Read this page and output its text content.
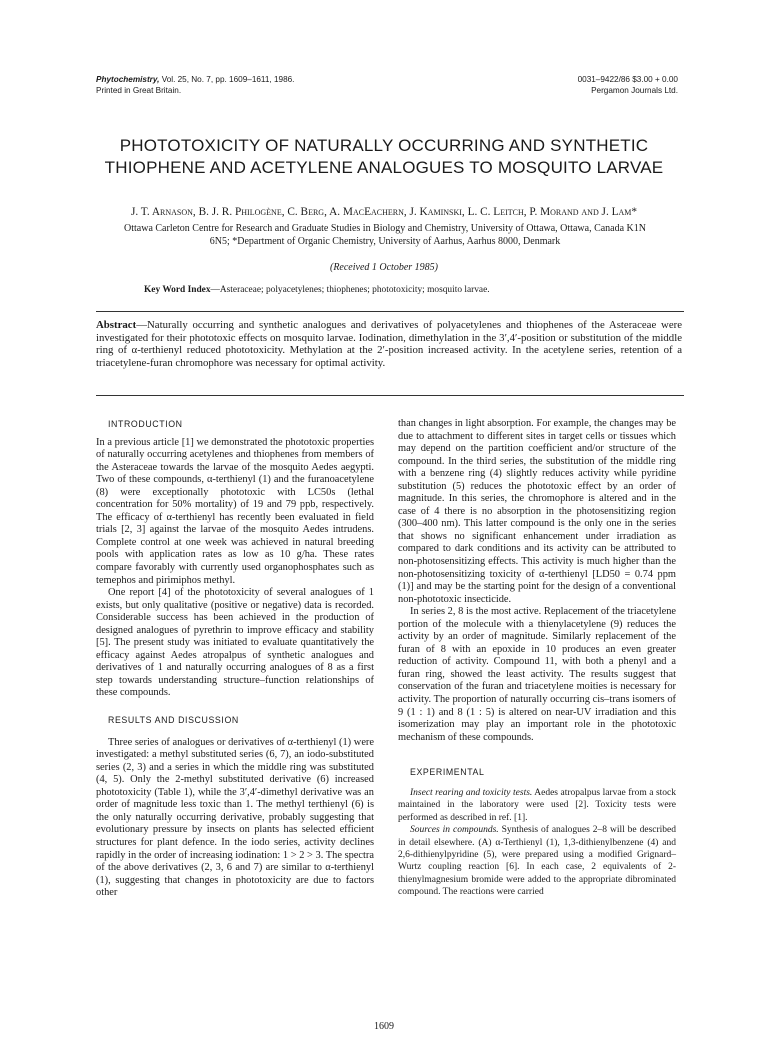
Phytochemistry, Vol. 25, No. 7, pp. 1609–1611, 1986.
Printed in Great Britain.
0031–9422/86 $3.00 + 0.00
Pergamon Journals Ltd.
PHOTOTOXICITY OF NATURALLY OCCURRING AND SYNTHETIC
THIOPHENE AND ACETYLENE ANALOGUES TO MOSQUITO LARVAE
J. T. Arnason, B. J. R. Philogène, C. Berg, A. MacEachern, J. Kaminski, L. C. Leitch, P. Morand and J. Lam*
Ottawa Carleton Centre for Research and Graduate Studies in Biology and Chemistry, University of Ottawa, Ottawa, Canada K1N
6N5; *Department of Organic Chemistry, University of Aarhus, Aarhus 8000, Denmark
(Received 1 October 1985)
Key Word Index—Asteraceae; polyacetylenes; thiophenes; phototoxicity; mosquito larvae.

Abstract—Naturally occurring and synthetic analogues and derivatives of polyacetylenes and thiophenes of the Asteraceae were investigated for their phototoxic effects on mosquito larvae. Iodination, dimethylation in the 3′,4′-position or substitution of the middle ring of α-terthienyl reduced phototoxicity. Methylation at the 2′-position increased activity. In the acetylene series, retention of a triacetylene-furan chromophore was necessary for optimal activity.

INTRODUCTION

In a previous article [1] we demonstrated the phototoxic properties of naturally occurring acetylenes and thiophenes from members of the Asteraceae towards the larvae of the mosquito Aedes aegypti. Two of these compounds, α-terthienyl (1) and the furanoacetylene (8) were exceptionally phototoxic with LC50s (lethal concentration for 50% mortality) of 19 and 79 ppb, respectively. The efficacy of α-terthienyl has recently been evaluated in field trials [2, 3] against the larvae of the mosquito Aedes intrudens. Complete control at one week was achieved in natural breeding pools with application rates as low as 10 g/ha. These rates compare favorably with currently used organophosphates such as temephos and pirimiphos methyl.

One report [4] of the phototoxicity of several analogues of 1 exists, but only qualitative (positive or negative) data is recorded. Considerable success has been achieved in the production of designed analogues of pyrethrin to improve efficacy and stability [5]. The present study was initiated to evaluate quantitatively the efficacy against Aedes atropalpus of synthetic analogues and derivatives of 1 and naturally occurring analogues of 8 as a first step towards understanding structure–function relationships of these compounds.

RESULTS AND DISCUSSION

Three series of analogues or derivatives of α-terthienyl (1) were investigated: a methyl substituted series (6, 7), an iodo-substituted series (2, 3) and a series in which the middle ring was substituted (4, 5). Only the 2-methyl substituted derivative (6) increased phototoxicity (Table 1), while the 3′,4′-dimethyl derivative was an order of magnitude less toxic than 1. The methyl terthienyl (6) is the only naturally occurring derivative, probably suggesting that evolutionary pressure by insects on plants has selected efficient structures for plant defence. In the iodo series, activity declines rapidly in the order of increasing iodination: 1 > 2 > 3. The spectra of the above derivatives (2, 3, 6 and 7) are similar to α-terthienyl (1), suggesting that changes in phototoxicity are due to factors other

than changes in light absorption. For example, the changes may be due to attachment to different sites in target cells or tissues which may depend on the partition coefficient and/or structure of the compound. In the third series, the substitution of the middle ring with a benzene ring (4) slightly reduces activity while pyridine substitution (5) reduces the phototoxic effect by an order of magnitude. In this series, the chromophore is altered and in the case of 4 there is no absorption in the photosensitizing region (300–400 nm). This latter compound is the only one in the series that shows no significant enhancement under irradiation as compared to dark conditions and its activity can be attributed to non-photosensitizing effects. This activity is much higher than the non-photosensitizing toxicity of α-terthienyl [LD50 = 0.74 ppm (1)] and may be the starting point for the design of a conventional non-phototoxic insecticide.

In series 2, 8 is the most active. Replacement of the triacetylene portion of the molecule with a thienylacetylene (9) reduces the activity by an order of magnitude. Similarly replacement of the furan of 8 with an epoxide in 10 produces an even greater reduction of activity. Compound 11, with both a phenyl and a furan ring, showed the least activity. The results suggest that conservation of the furan and triacetylene moities is necessary for activity. The proportion of naturally occurring cis–trans isomers of 9 (1 : 1) and 8 (1 : 5) is altered on near-UV irradiation and this isomerization may play an important role in the phototoxic mechanism of these compounds.

EXPERIMENTAL

Insect rearing and toxicity tests. Aedes atropalpus larvae from a stock maintained in the laboratory were used [2]. Toxicity tests were performed as described in ref. [1].

Sources in compounds. Synthesis of analogues 2–8 will be described in detail elsewhere. (A) α-Terthienyl (1), 1,3-dithienylbenzene (4) and 2,6-dithienylpyridine (5), were prepared using a modified Grignard–Wurtz coupling reaction [6]. In each case, 2 equivalents of 2-thienylmagnesium bromide were added to the appropriate dibrominated compound. The reactions were carried

1609
